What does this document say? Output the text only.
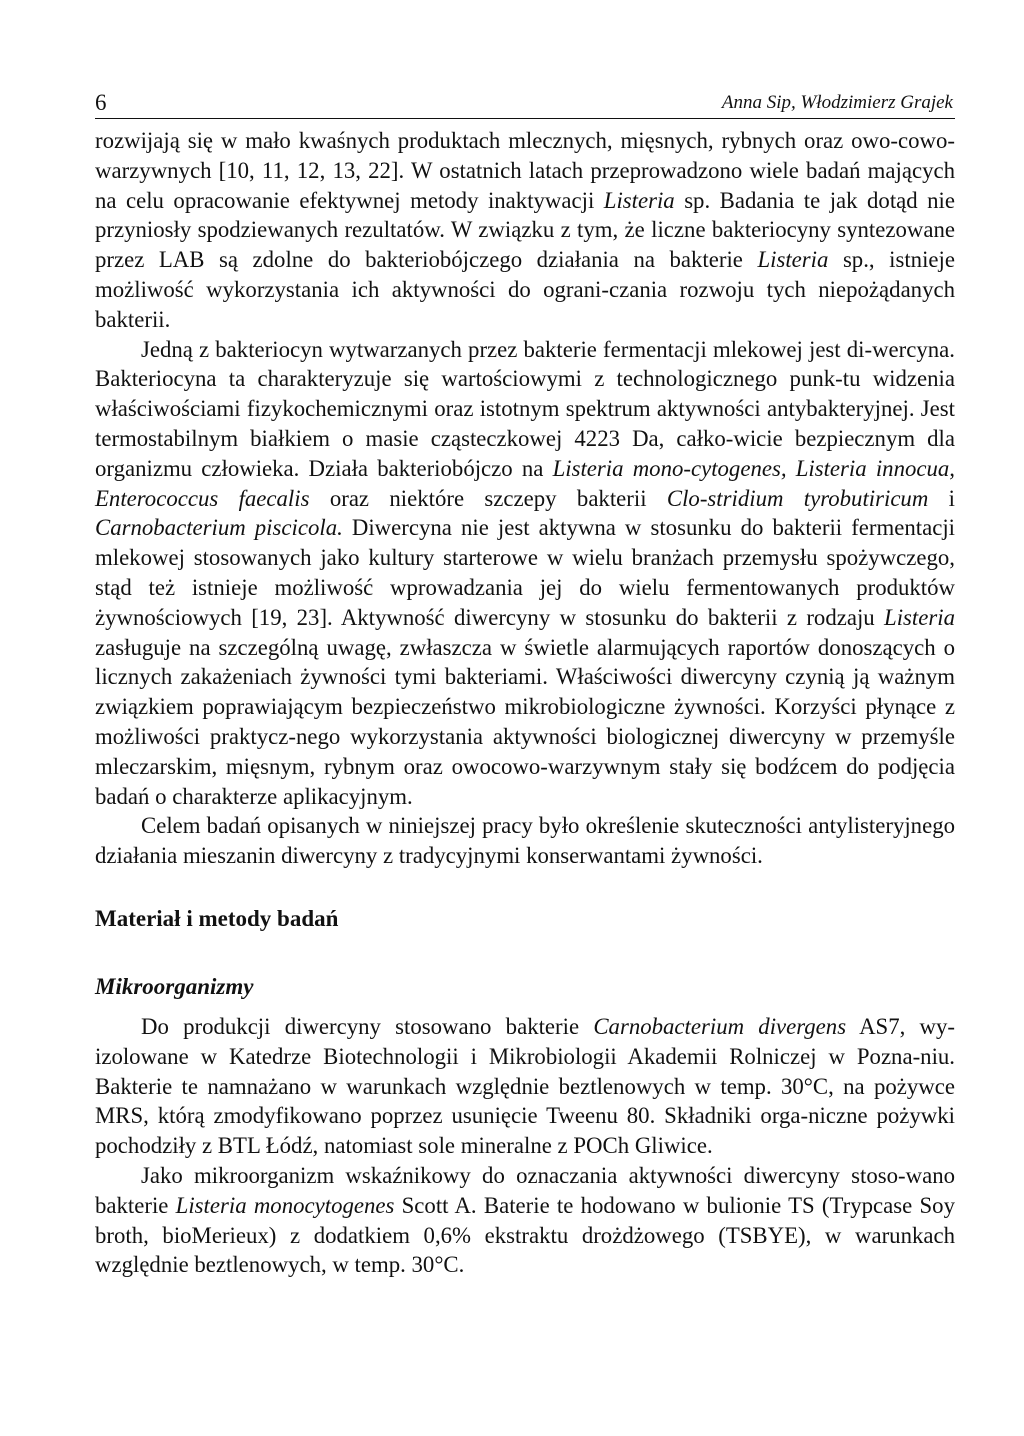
6	Anna Sip, Włodzimierz Grajek

rozwijają się w mało kwaśnych produktach mlecznych, mięsnych, rybnych oraz owo-cowo-warzywnych [10, 11, 12, 13, 22]. W ostatnich latach przeprowadzono wiele badań mających na celu opracowanie efektywnej metody inaktywacji Listeria sp. Badania te jak dotąd nie przyniosły spodziewanych rezultatów. W związku z tym, że liczne bakteriocyny syntezowane przez LAB są zdolne do bakteriobójczego działania na bakterie Listeria sp., istnieje możliwość wykorzystania ich aktywności do ograni-czania rozwoju tych niepożądanych bakterii.

Jedną z bakteriocyn wytwarzanych przez bakterie fermentacji mlekowej jest di-wercyna. Bakteriocyna ta charakteryzuje się wartościowymi z technologicznego punk-tu widzenia właściwościami fizykochemicznymi oraz istotnym spektrum aktywności antybakteryjnej. Jest termostabilnym białkiem o masie cząsteczkowej 4223 Da, całko-wicie bezpiecznym dla organizmu człowieka. Działa bakteriobójczo na Listeria mono-cytogenes, Listeria innocua, Enterococcus faecalis oraz niektóre szczepy bakterii Clo-stridium tyrobutiricum i Carnobacterium piscicola. Diwercyna nie jest aktywna w stosunku do bakterii fermentacji mlekowej stosowanych jako kultury starterowe w wielu branżach przemysłu spożywczego, stąd też istnieje możliwość wprowadzania jej do wielu fermentowanych produktów żywnościowych [19, 23]. Aktywność diwercyny w stosunku do bakterii z rodzaju Listeria zasługuje na szczególną uwagę, zwłaszcza w świetle alarmujących raportów donoszących o licznych zakażeniach żywności tymi bakteriami. Właściwości diwercyny czynią ją ważnym związkiem poprawiającym bezpieczeństwo mikrobiologiczne żywności. Korzyści płynące z możliwości praktycz-nego wykorzystania aktywności biologicznej diwercyny w przemyśle mleczarskim, mięsnym, rybnym oraz owocowo-warzywnym stały się bodźcem do podjęcia badań o charakterze aplikacyjnym.

Celem badań opisanych w niniejszej pracy było określenie skuteczności antylisteryjnego działania mieszanin diwercyny z tradycyjnymi konserwantami żywności.

Materiał i metody badań
Mikroorganizmy

Do produkcji diwercyny stosowano bakterie Carnobacterium divergens AS7, wy-izolowane w Katedrze Biotechnologii i Mikrobiologii Akademii Rolniczej w Pozna-niu. Bakterie te namnażano w warunkach względnie beztlenowych w temp. 30°C, na pożywce MRS, którą zmodyfikowano poprzez usunięcie Tweenu 80. Składniki orga-niczne pożywki pochodziły z BTL Łódź, natomiast sole mineralne z POCh Gliwice.

Jako mikroorganizm wskaźnikowy do oznaczania aktywności diwercyny stoso-wano bakterie Listeria monocytogenes Scott A. Baterie te hodowano w bulionie TS (Trypcase Soy broth, bioMerieux) z dodatkiem 0,6% ekstraktu drożdżowego (TSBYE), w warunkach względnie beztlenowych, w temp. 30°C.
